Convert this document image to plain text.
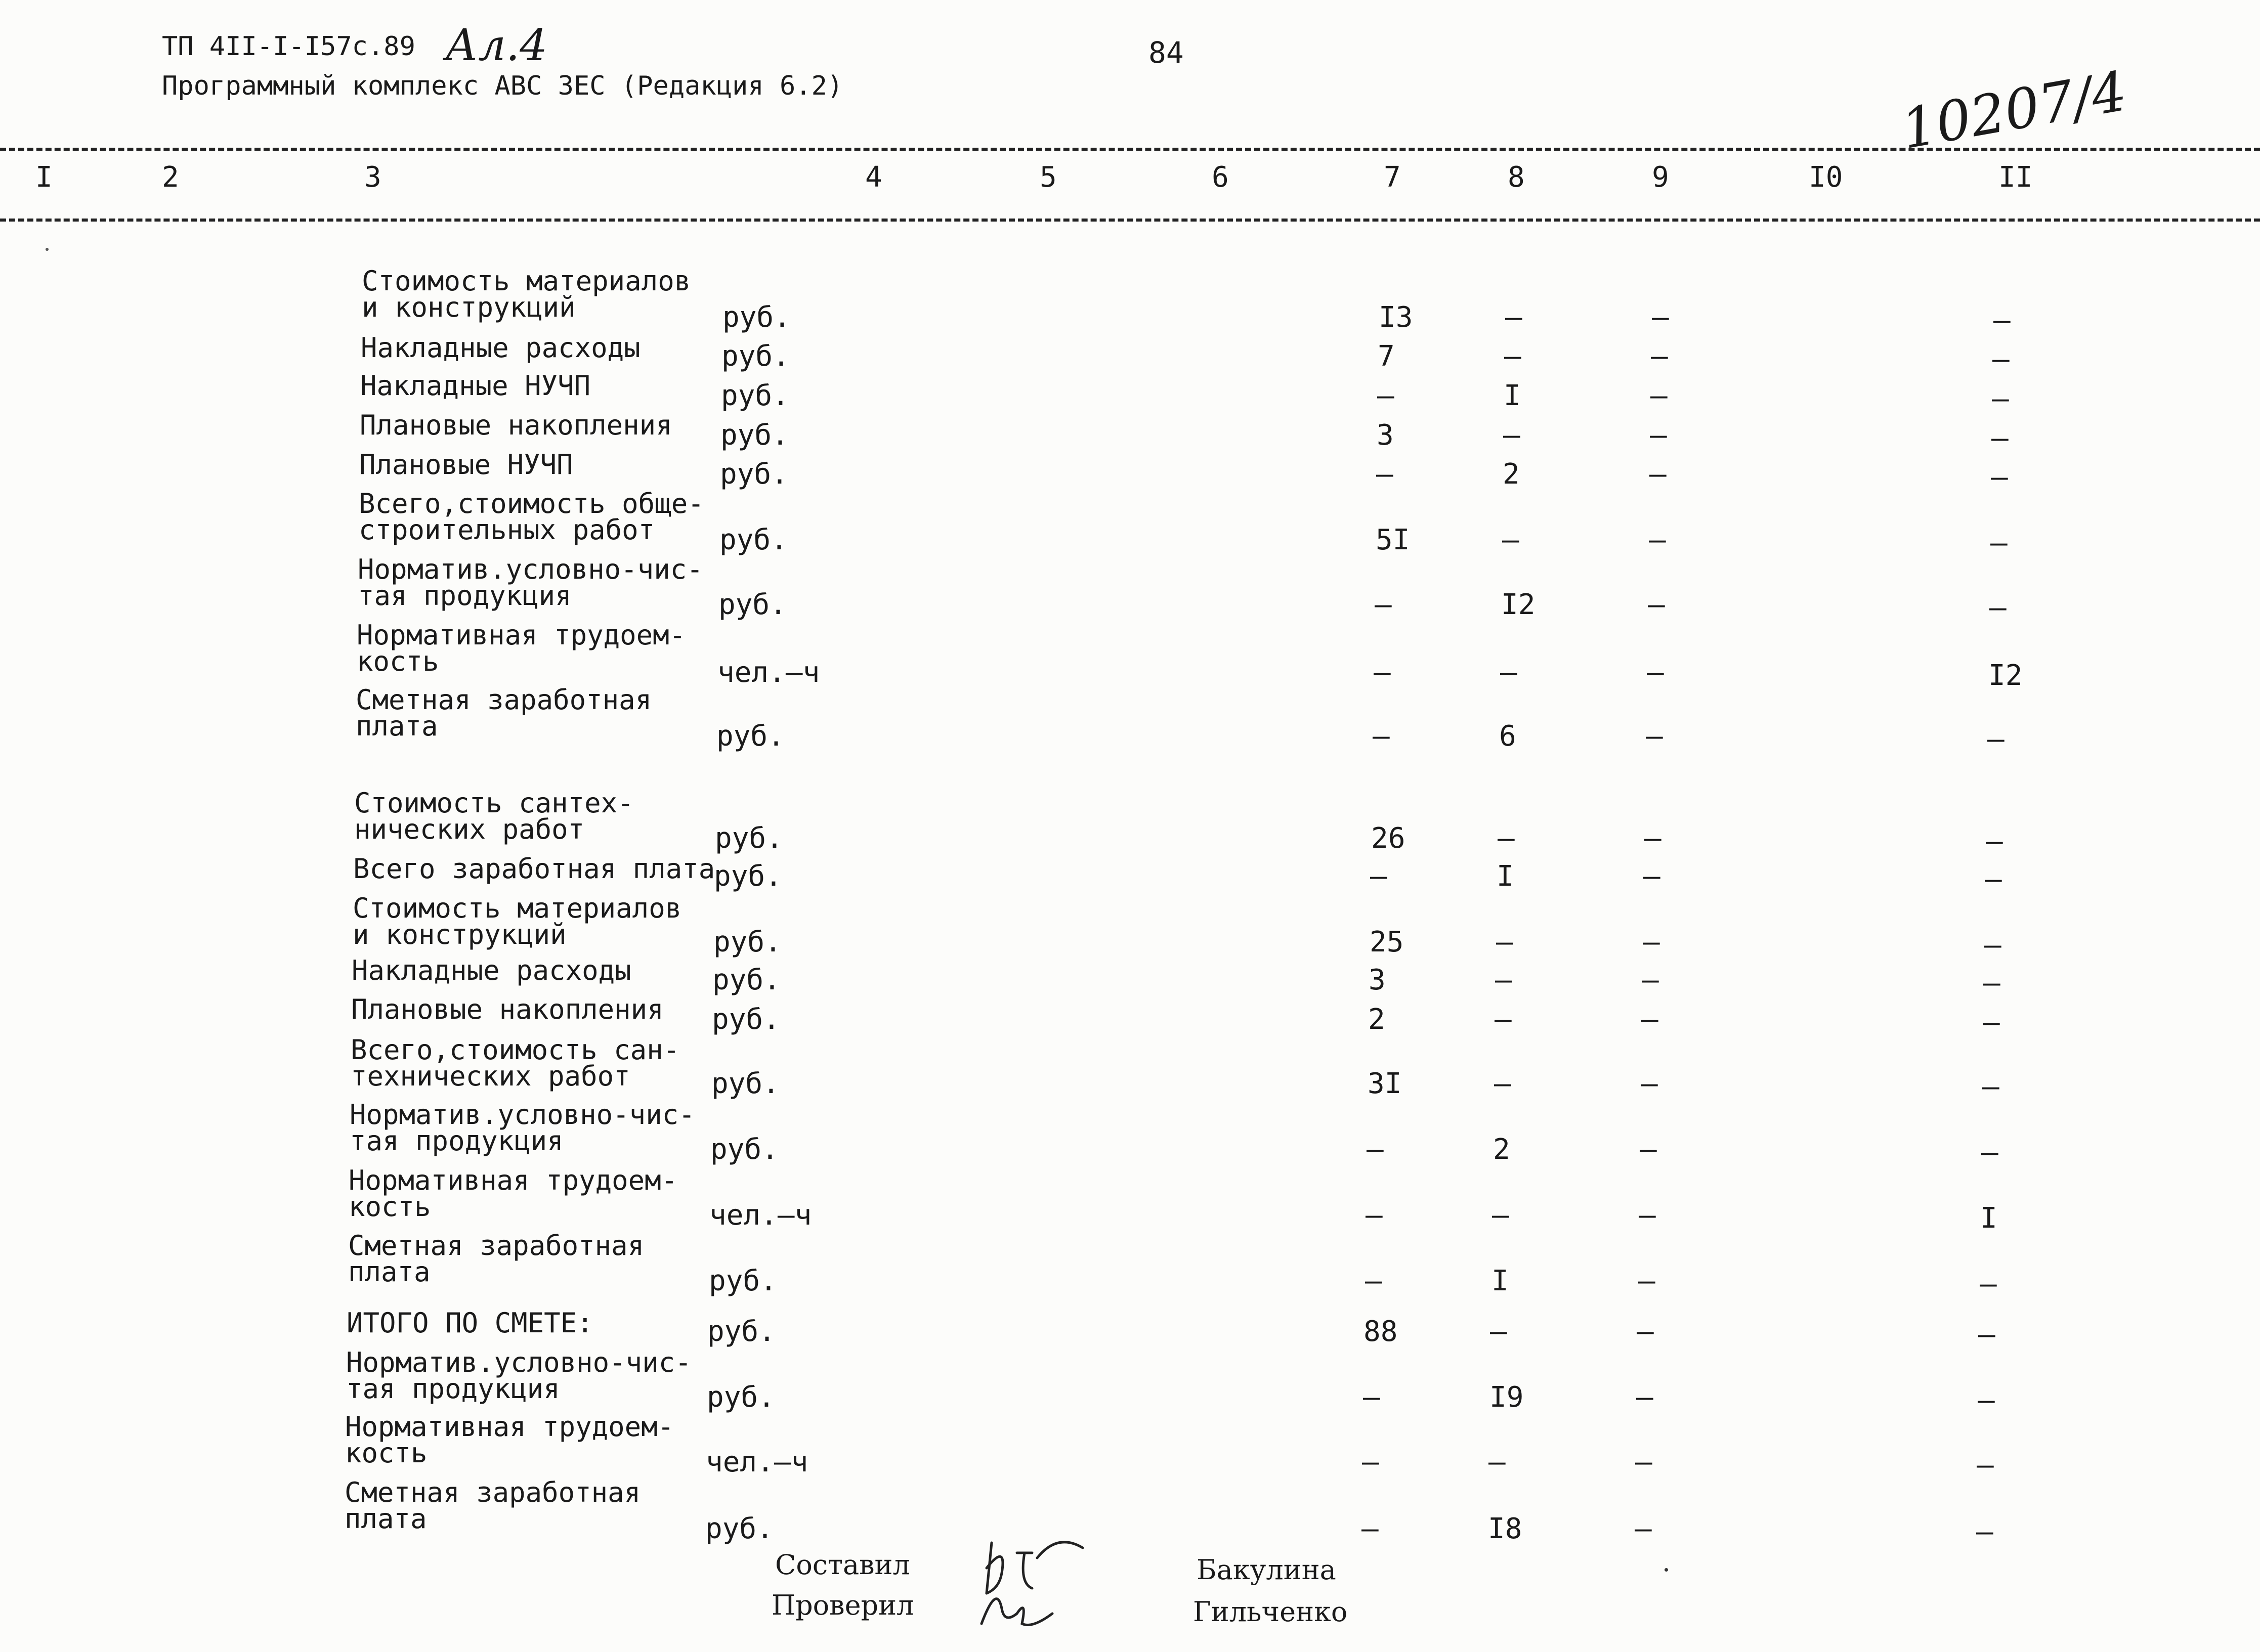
ТП 4II-I-I57с.89 Ал.4
Программный комплекс АВС 3ЕС (Редакция 6.2)
84
10207/4
I	2	3	4	5	6	7	8	9	I0	II
Стоимость материалов
и конструкций	руб.	I3	–	–	–
Накладные расходы	руб.	7	–	–	–
Накладные НУЧП	руб.	–	I	–	–
Плановые накопления руб.	3	–	–	–
Плановые НУЧП	руб.	–	2	–	–
Всего,стоимость обще-
строительных работ	руб.	5I	–	–	–
Норматив.условно-чис-
тая продукция	руб.	–	I2	–	–
Нормативная трудоем-
кость	чел.–ч	–	–	–	I2
Сметная заработная
плата	руб.	–	6	–	–
Стоимость сантех-
нических работ	руб.	26	–	–	–
Всего заработная плата
руб.	–	I	–	–
Стоимость материалов
и конструкций	руб.	25	–	–	–
Накладные расходы	руб.	3	–	–	–
Плановые накопления руб.	2	–	–	–
Всего,стоимость сан-
технических работ	руб.	3I	–	–	–
Норматив.условно-чис-
тая продукция	руб.	–	2	–	–
Нормативная трудоем-
кость	чел.–ч	–	–	–	I
Сметная заработная
плата	руб.	–	I	–	–
ИТОГО ПО СМЕТЕ:	руб.	88	–	–	–
Норматив.условно-чис-
тая продукция	руб.	–	I9	–	–
Нормативная трудоем-
кость	чел.–ч	–	–	–	–
Сметная заработная
плата	руб.	–	I8	–	–
Составил
Проверил
Бакулина
Гильченко
